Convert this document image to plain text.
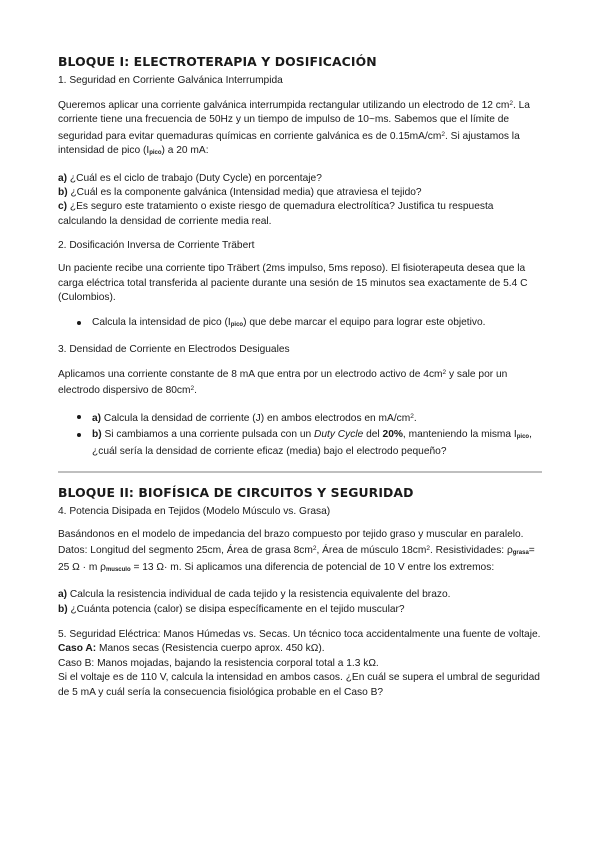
BLOQUE I: ELECTROTERAPIA Y DOSIFICACIÓN
1. Seguridad en Corriente Galvánica Interrumpida

Queremos aplicar una corriente galvánica interrumpida rectangular utilizando un electrodo de 12 $cm^2$. La corriente tiene una frecuencia de 50Hz y un tiempo de impulso de 10~ms. Sabemos que el límite de seguridad para evitar quemaduras químicas en corriente galvánica es de $0.15mA/cm^2$. Si ajustamos la intensidad de pico $(I_{pico})$ a 20 mA:

a) ¿Cuál es el ciclo de trabajo (Duty Cycle) en porcentaje?

b) ¿Cuál es la componente galvánica (Intensidad media) que atraviesa el tejido?

c) ¿Es seguro este tratamiento o existe riesgo de quemadura electrolítica? Justifica tu respuesta calculando la densidad de corriente media real.

2. Dosificación Inversa de Corriente Träbert

Un paciente recibe una corriente tipo Träbert (2ms impulso, 5ms reposo). El fisioterapeuta desea que la carga eléctrica total transferida al paciente durante una sesión de 15 minutos sea exactamente de 5.4 C (Culombios).

Calcula la intensidad de pico $(I_{pico})$ que debe marcar el equipo para lograr este objetivo.
3. Densidad de Corriente en Electrodos Desiguales

Aplicamos una corriente constante de 8 mA que entra por un electrodo activo de $4cm^2$ y sale por un electrodo dispersivo de $80cm^2$.

a) Calcula la densidad de corriente (J) en ambos electrodos en $mA/cm^2$.
b) Si cambiamos a una corriente pulsada con un Duty Cycle del 20%, manteniendo la misma $I_{pico}$, ¿cuál sería la densidad de corriente eficaz (media) bajo el electrodo pequeño?
BLOQUE II: BIOFÍSICA DE CIRCUITOS Y SEGURIDAD
4. Potencia Disipada en Tejidos (Modelo Músculo vs. Grasa)

Basándonos en el modelo de impedancia del brazo compuesto por tejido graso y muscular en paralelo. Datos: Longitud del segmento 25cm, Área de grasa $8cm^2$, Área de músculo $18cm^2$. Resistividades: $\rho_{grasa}= 25$ Ω · m $\rho_{musculo} = 13$ Ω· m. Si aplicamos una diferencia de potencial de 10 V entre los extremos:

a) Calcula la resistencia individual de cada tejido y la resistencia equivalente del brazo.

b) ¿Cuánta potencia (calor) se disipa específicamente en el tejido muscular?

5. Seguridad Eléctrica: Manos Húmedas vs. Secas. Un técnico toca accidentalmente una fuente de voltaje.

Caso A: Manos secas (Resistencia cuerpo aprox. 450 kΩ).

Caso B: Manos mojadas, bajando la resistencia corporal total a 1.3 kΩ.

Si el voltaje es de 110 V, calcula la intensidad en ambos casos. ¿En cuál se supera el umbral de seguridad de 5 mA y cuál sería la consecuencia fisiológica probable en el Caso B?
